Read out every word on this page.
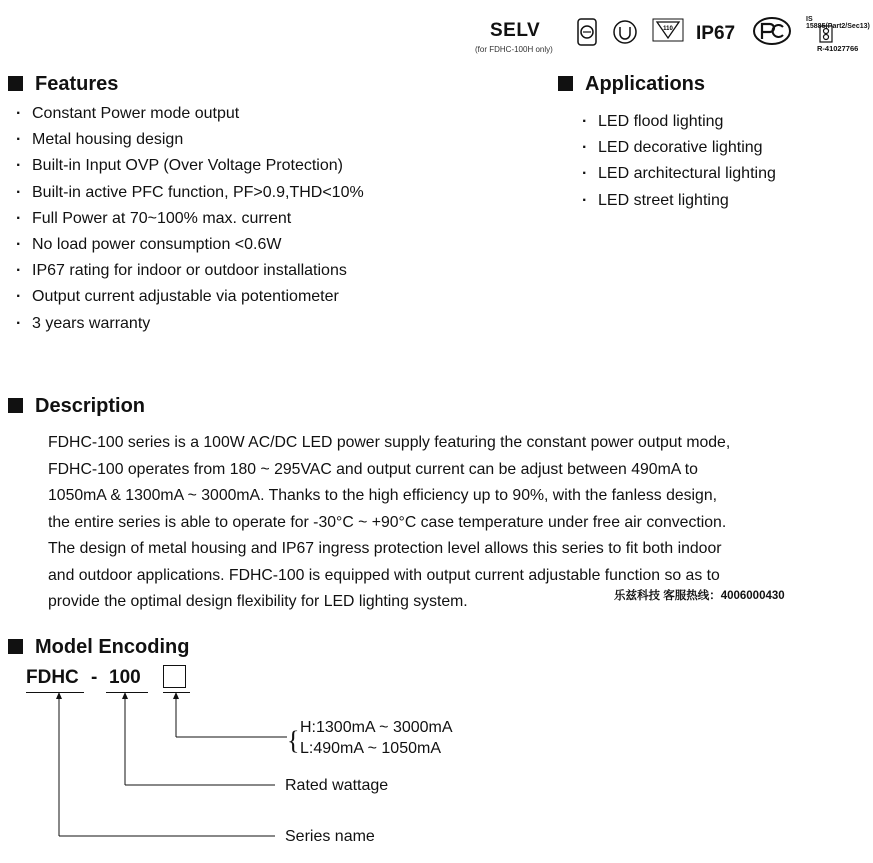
SELV
(for FDHC-100H only)
110 IP67
IS 15885(Part2/Sec13)
R-41027766
Features
· Constant Power mode output
· Metal housing design
· Built-in Input OVP (Over Voltage Protection)
· Built-in active PFC function, PF>0.9,THD<10%
· Full Power at 70~100% max. current
· No load power consumption <0.6W
· IP67 rating for indoor or outdoor installations
· Output current adjustable via potentiometer
· 3 years warranty
Applications
· LED flood lighting
· LED decorative lighting
· LED architectural lighting
· LED street lighting
Description

FDHC-100 series is a 100W AC/DC LED power supply featuring the constant power output mode,

FDHC-100 operates from 180 ~ 295VAC and output current can be adjust between 490mA to

1050mA & 1300mA ~ 3000mA. Thanks to the high efficiency up to 90%, with the fanless design,

the entire series is able to operate for -30°C ~ +90°C case temperature under free air convection.

The design of metal housing and IP67 ingress protection level allows this series to fit both indoor

and outdoor applications. FDHC-100 is equipped with output current adjustable function so as to

provide the optimal design flexibility for LED lighting system.	乐兹科技 客服热线：4006000430
Model Encoding
FDHC - 100
{ H:1300mA ~ 3000mA
L:490mA ~ 1050mA
Rated wattage
Series name
